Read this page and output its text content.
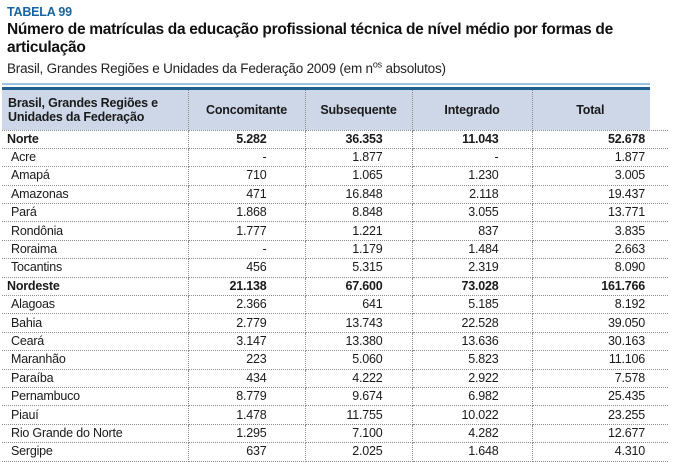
TABELA 99
Número de matrículas da educação profissional técnica de nível médio por formas de
articulação
Brasil, Grandes Regiões e Unidades da Federação 2009 (em $n^{os}$ absolutos)
Brasil, Grandes Regiões e Unidades da Federação	Concomitante	Subsequente	Integrado	Total
Norte	5.282	36.353	11.043	52.678
Acre	-	1.877	-	1.877
Amapá	710	1.065	1.230	3.005
Amazonas	471	16.848	2.118	19.437
Pará	1.868	8.848	3.055	13.771
Rondônia	1.777	1.221	837	3.835
Roraima	-	1.179	1.484	2.663
Tocantins	456	5.315	2.319	8.090
Nordeste	21.138	67.600	73.028	161.766
Alagoas	2.366	641	5.185	8.192
Bahia	2.779	13.743	22.528	39.050
Ceará	3.147	13.380	13.636	30.163
Maranhão	223	5.060	5.823	11.106
Paraíba	434	4.222	2.922	7.578
Pernambuco	8.779	9.674	6.982	25.435
Piauí	1.478	11.755	10.022	23.255
Rio Grande do Norte	1.295	7.100	4.282	12.677
Sergipe	637	2.025	1.648	4.310
